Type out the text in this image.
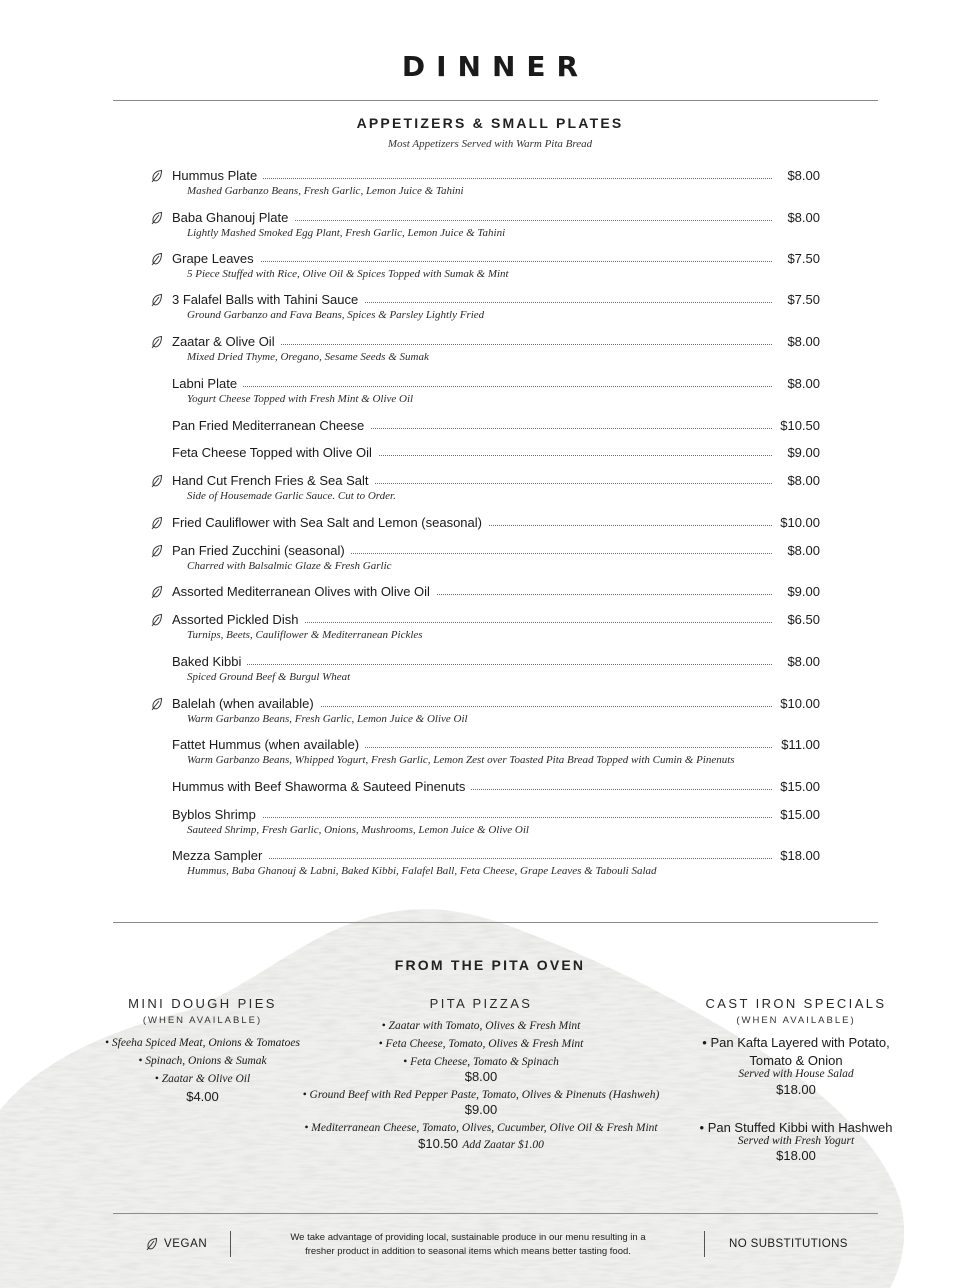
DINNER
APPETIZERS & SMALL PLATES
Most Appetizers Served with Warm Pita Bread
Hummus Plate	$8.00
Mashed Garbanzo Beans, Fresh Garlic, Lemon Juice & Tahini
Baba Ghanouj Plate	$8.00
Lightly Mashed Smoked Egg Plant, Fresh Garlic, Lemon Juice & Tahini
Grape Leaves	$7.50
5 Piece Stuffed with Rice, Olive Oil & Spices Topped with Sumak & Mint
3 Falafel Balls with Tahini Sauce	$7.50
Ground Garbanzo and Fava Beans, Spices & Parsley Lightly Fried
Zaatar & Olive Oil	$8.00
Mixed Dried Thyme, Oregano, Sesame Seeds & Sumak
Labni Plate	$8.00
Yogurt Cheese Topped with Fresh Mint & Olive Oil
Pan Fried Mediterranean Cheese	$10.50
Feta Cheese Topped with Olive Oil	$9.00
Hand Cut French Fries & Sea Salt	$8.00
Side of Housemade Garlic Sauce. Cut to Order.
Fried Cauliflower with Sea Salt and Lemon (seasonal)	$10.00
Pan Fried Zucchini (seasonal)	$8.00
Charred with Balsalmic Glaze & Fresh Garlic
Assorted Mediterranean Olives with Olive Oil	$9.00
Assorted Pickled Dish	$6.50
Turnips, Beets, Cauliflower & Mediterranean Pickles
Baked Kibbi	$8.00
Spiced Ground Beef & Burgul Wheat
Balelah (when available)	$10.00
Warm Garbanzo Beans, Fresh Garlic, Lemon Juice & Olive Oil
Fattet Hummus (when available)	$11.00
Warm Garbanzo Beans, Whipped Yogurt, Fresh Garlic, Lemon Zest over Toasted Pita Bread Topped with Cumin & Pinenuts
Hummus with Beef Shaworma & Sauteed Pinenuts	$15.00
Byblos Shrimp	$15.00
Sauteed Shrimp, Fresh Garlic, Onions, Mushrooms, Lemon Juice & Olive Oil
Mezza Sampler	$18.00
Hummus, Baba Ghanouj & Labni, Baked Kibbi, Falafel Ball, Feta Cheese, Grape Leaves & Tabouli Salad
FROM THE PITA OVEN
MINI DOUGH PIES
(WHEN AVAILABLE)
• Sfeeha Spiced Meat, Onions & Tomatoes
• Spinach, Onions & Sumak
• Zaatar & Olive Oil
$4.00
PITA PIZZAS
• Zaatar with Tomato, Olives & Fresh Mint
• Feta Cheese, Tomato, Olives & Fresh Mint
• Feta Cheese, Tomato & Spinach
$8.00
• Ground Beef with Red Pepper Paste, Tomato, Olives & Pinenuts (Hashweh)
$9.00
• Mediterranean Cheese, Tomato, Olives, Cucumber, Olive Oil & Fresh Mint
$10.50 Add Zaatar $1.00
CAST IRON SPECIALS
(WHEN AVAILABLE)
• Pan Kafta Layered with Potato,
Tomato & Onion
Served with House Salad
$18.00
• Pan Stuffed Kibbi with Hashweh
Served with Fresh Yogurt
$18.00
VEGAN
We take advantage of providing local, sustainable produce in our menu resulting in a
fresher product in addition to seasonal items which means better tasting food.
NO SUBSTITUTIONS
